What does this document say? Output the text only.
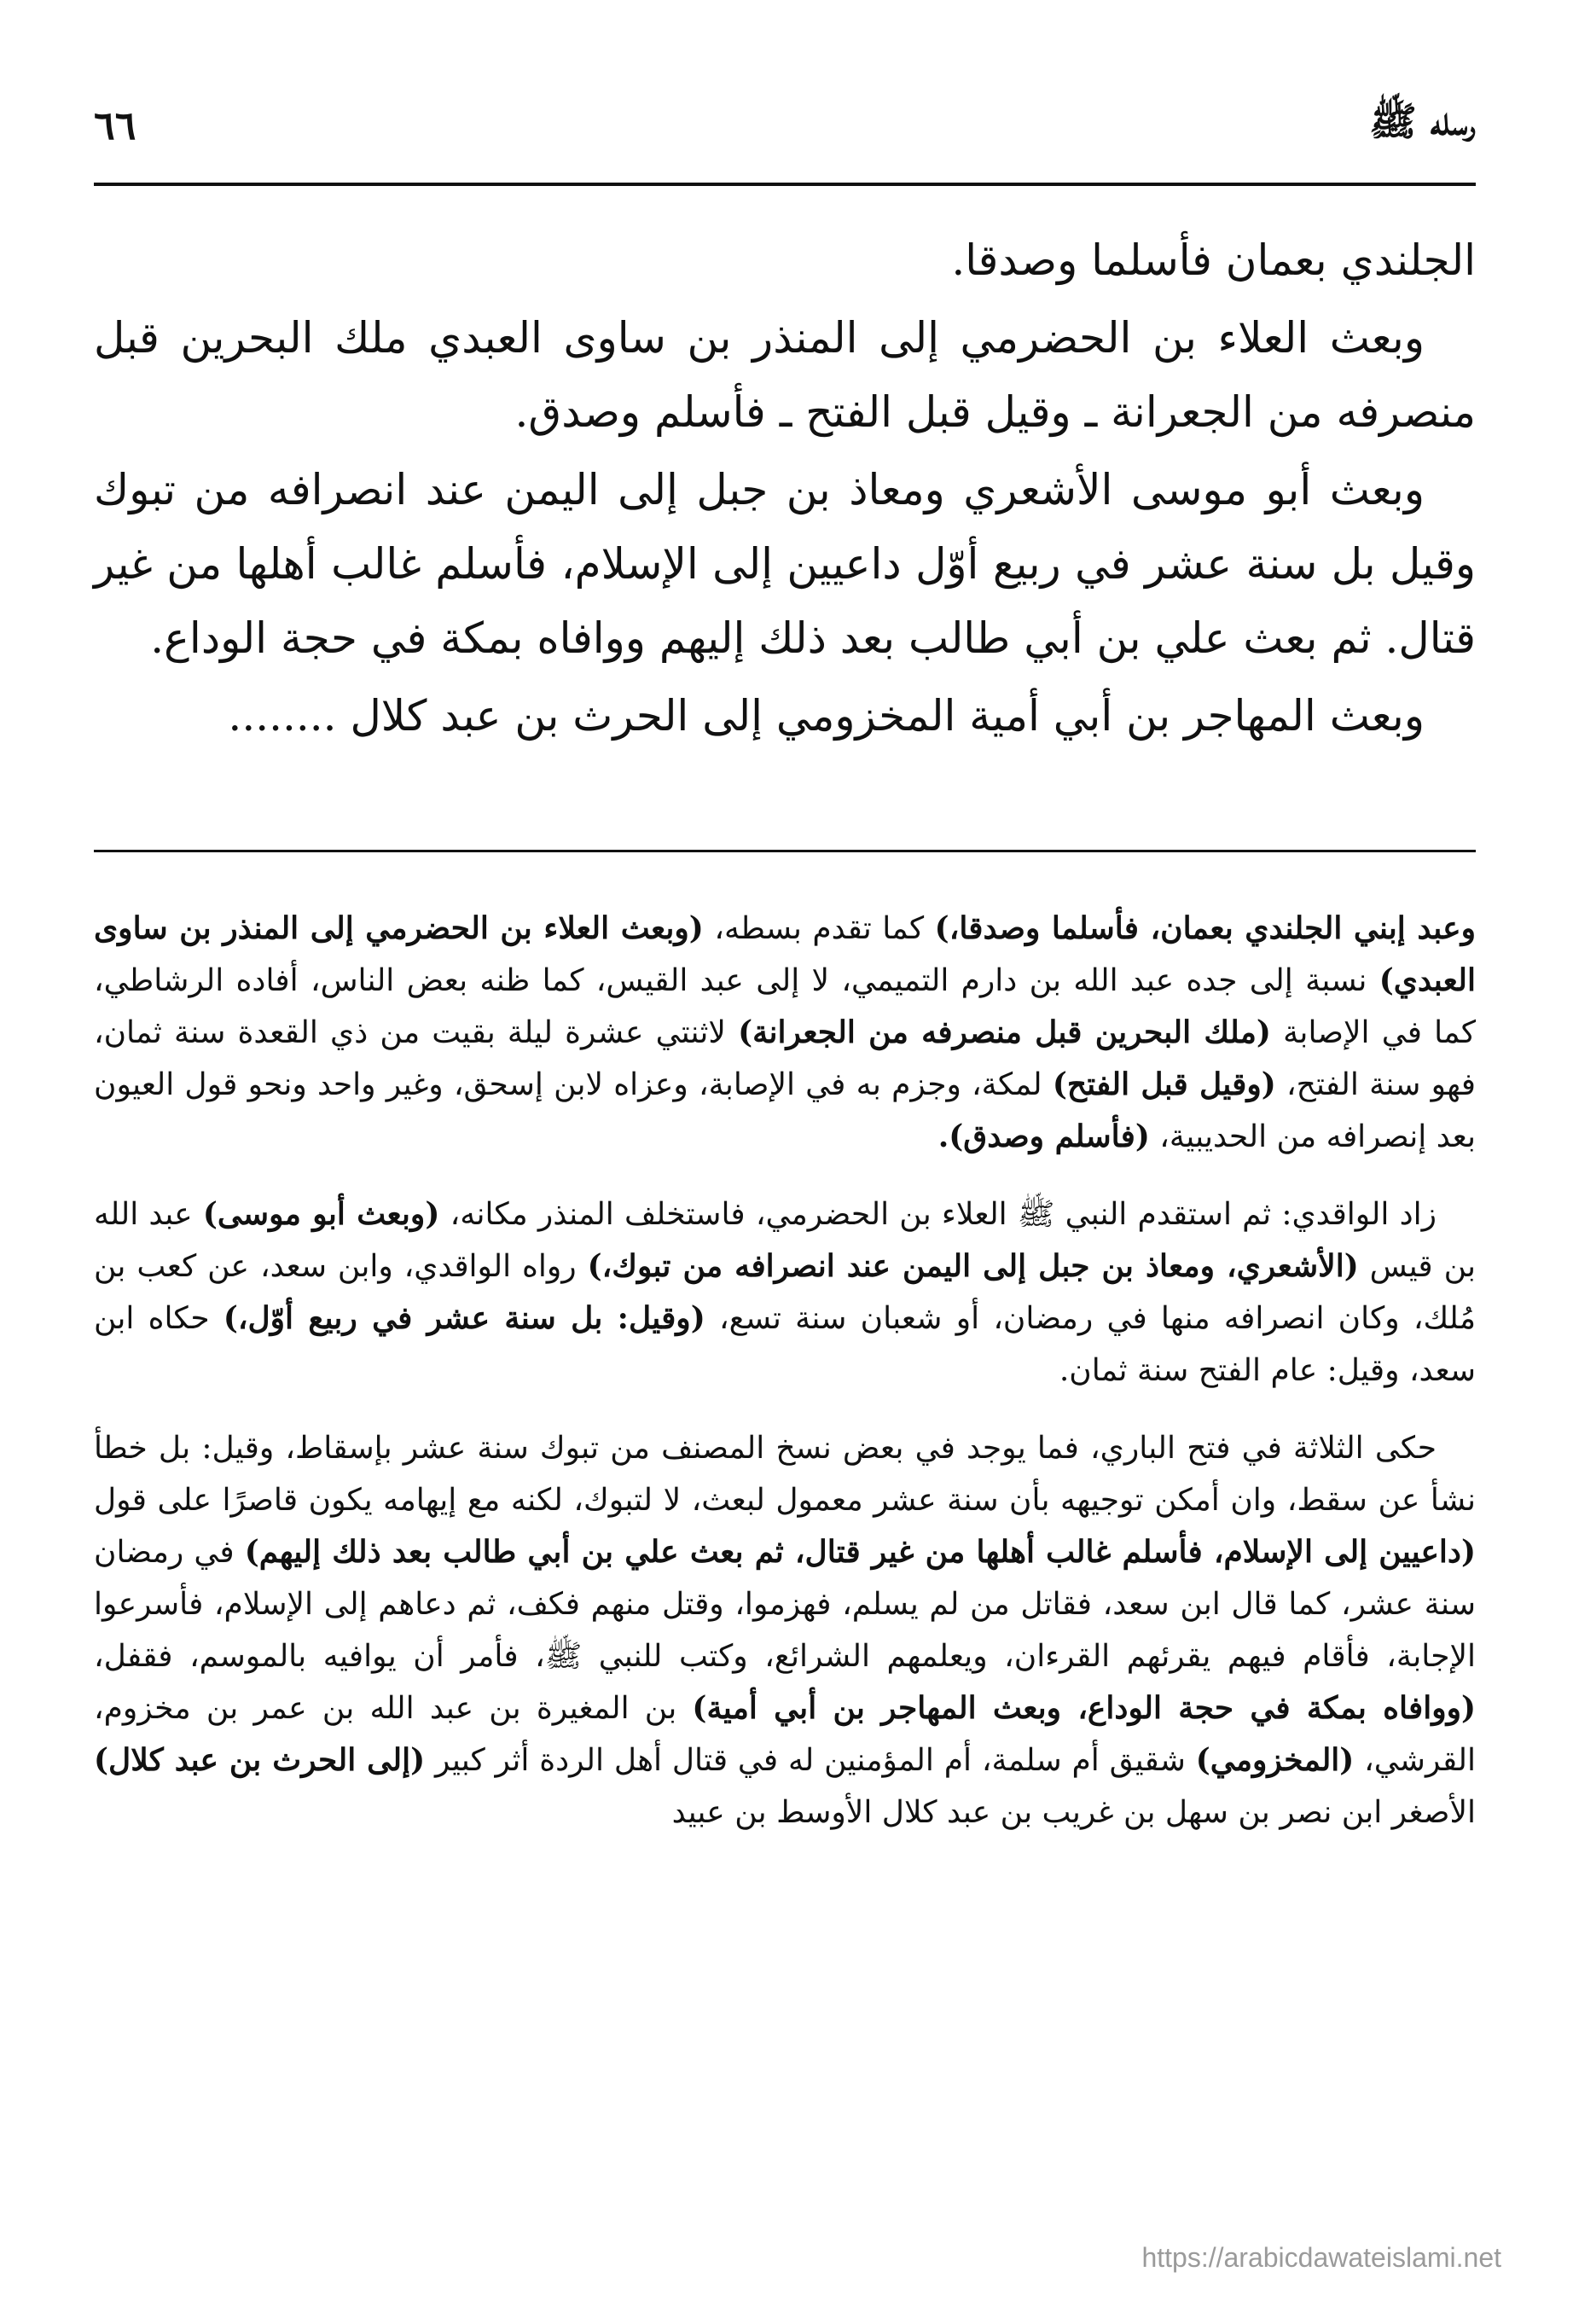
٦٦	رسله ﷺ

الجلندي بعمان فأسلما وصدقا.

وبعث العلاء بن الحضرمي إلى المنذر بن ساوى العبدي ملك البحرين قبل منصرفه من الجعرانة ـ وقيل قبل الفتح ـ فأسلم وصدق.

وبعث أبو موسى الأشعري ومعاذ بن جبل إلى اليمن عند انصرافه من تبوك وقيل بل سنة عشر في ربيع أوّل داعيين إلى الإسلام، فأسلم غالب أهلها من غير قتال. ثم بعث علي بن أبي طالب بعد ذلك إليهم ووافاه بمكة في حجة الوداع.

وبعث المهاجر بن أبي أمية المخزومي إلى الحرث بن عبد كلال ........

وعبد إبني الجلندي بعمان، فأسلما وصدقا،) كما تقدم بسطه، (وبعث العلاء بن الحضرمي إلى المنذر بن ساوى العبدي) نسبة إلى جده عبد الله بن دارم التميمي، لا إلى عبد القيس، كما ظنه بعض الناس، أفاده الرشاطي، كما في الإصابة (ملك البحرين قبل منصرفه من الجعرانة) لاثنتي عشرة ليلة بقيت من ذي القعدة سنة ثمان، فهو سنة الفتح، (وقيل قبل الفتح) لمكة، وجزم به في الإصابة، وعزاه لابن إسحق، وغير واحد ونحو قول العيون بعد إنصرافه من الحديبية، (فأسلم وصدق).

زاد الواقدي: ثم استقدم النبي ﷺ العلاء بن الحضرمي، فاستخلف المنذر مكانه، (وبعث أبو موسى) عبد الله بن قيس (الأشعري، ومعاذ بن جبل إلى اليمن عند انصرافه من تبوك،) رواه الواقدي، وابن سعد، عن كعب بن مُلك، وكان انصرافه منها في رمضان، أو شعبان سنة تسع، (وقيل: بل سنة عشر في ربيع أوّل،) حكاه ابن سعد، وقيل: عام الفتح سنة ثمان.

حكى الثلاثة في فتح الباري، فما يوجد في بعض نسخ المصنف من تبوك سنة عشر بإسقاط، وقيل: بل خطأ نشأ عن سقط، وان أمكن توجيهه بأن سنة عشر معمول لبعث، لا لتبوك، لكنه مع إيهامه يكون قاصرًا على قول (داعيين إلى الإسلام، فأسلم غالب أهلها من غير قتال، ثم بعث علي بن أبي طالب بعد ذلك إليهم) في رمضان سنة عشر، كما قال ابن سعد، فقاتل من لم يسلم، فهزموا، وقتل منهم فكف، ثم دعاهم إلى الإسلام، فأسرعوا الإجابة، فأقام فيهم يقرئهم القرءان، ويعلمهم الشرائع، وكتب للنبي ﷺ، فأمر أن يوافيه بالموسم، فقفل، (ووافاه بمكة في حجة الوداع، وبعث المهاجر بن أبي أمية) بن المغيرة بن عبد الله بن عمر بن مخزوم، القرشي، (المخزومي) شقيق أم سلمة، أم المؤمنين له في قتال أهل الردة أثر كبير (إلى الحرث بن عبد كلال) الأصغر ابن نصر بن سهل بن غريب بن عبد كلال الأوسط بن عبيد

https://arabicdawateislami.net
